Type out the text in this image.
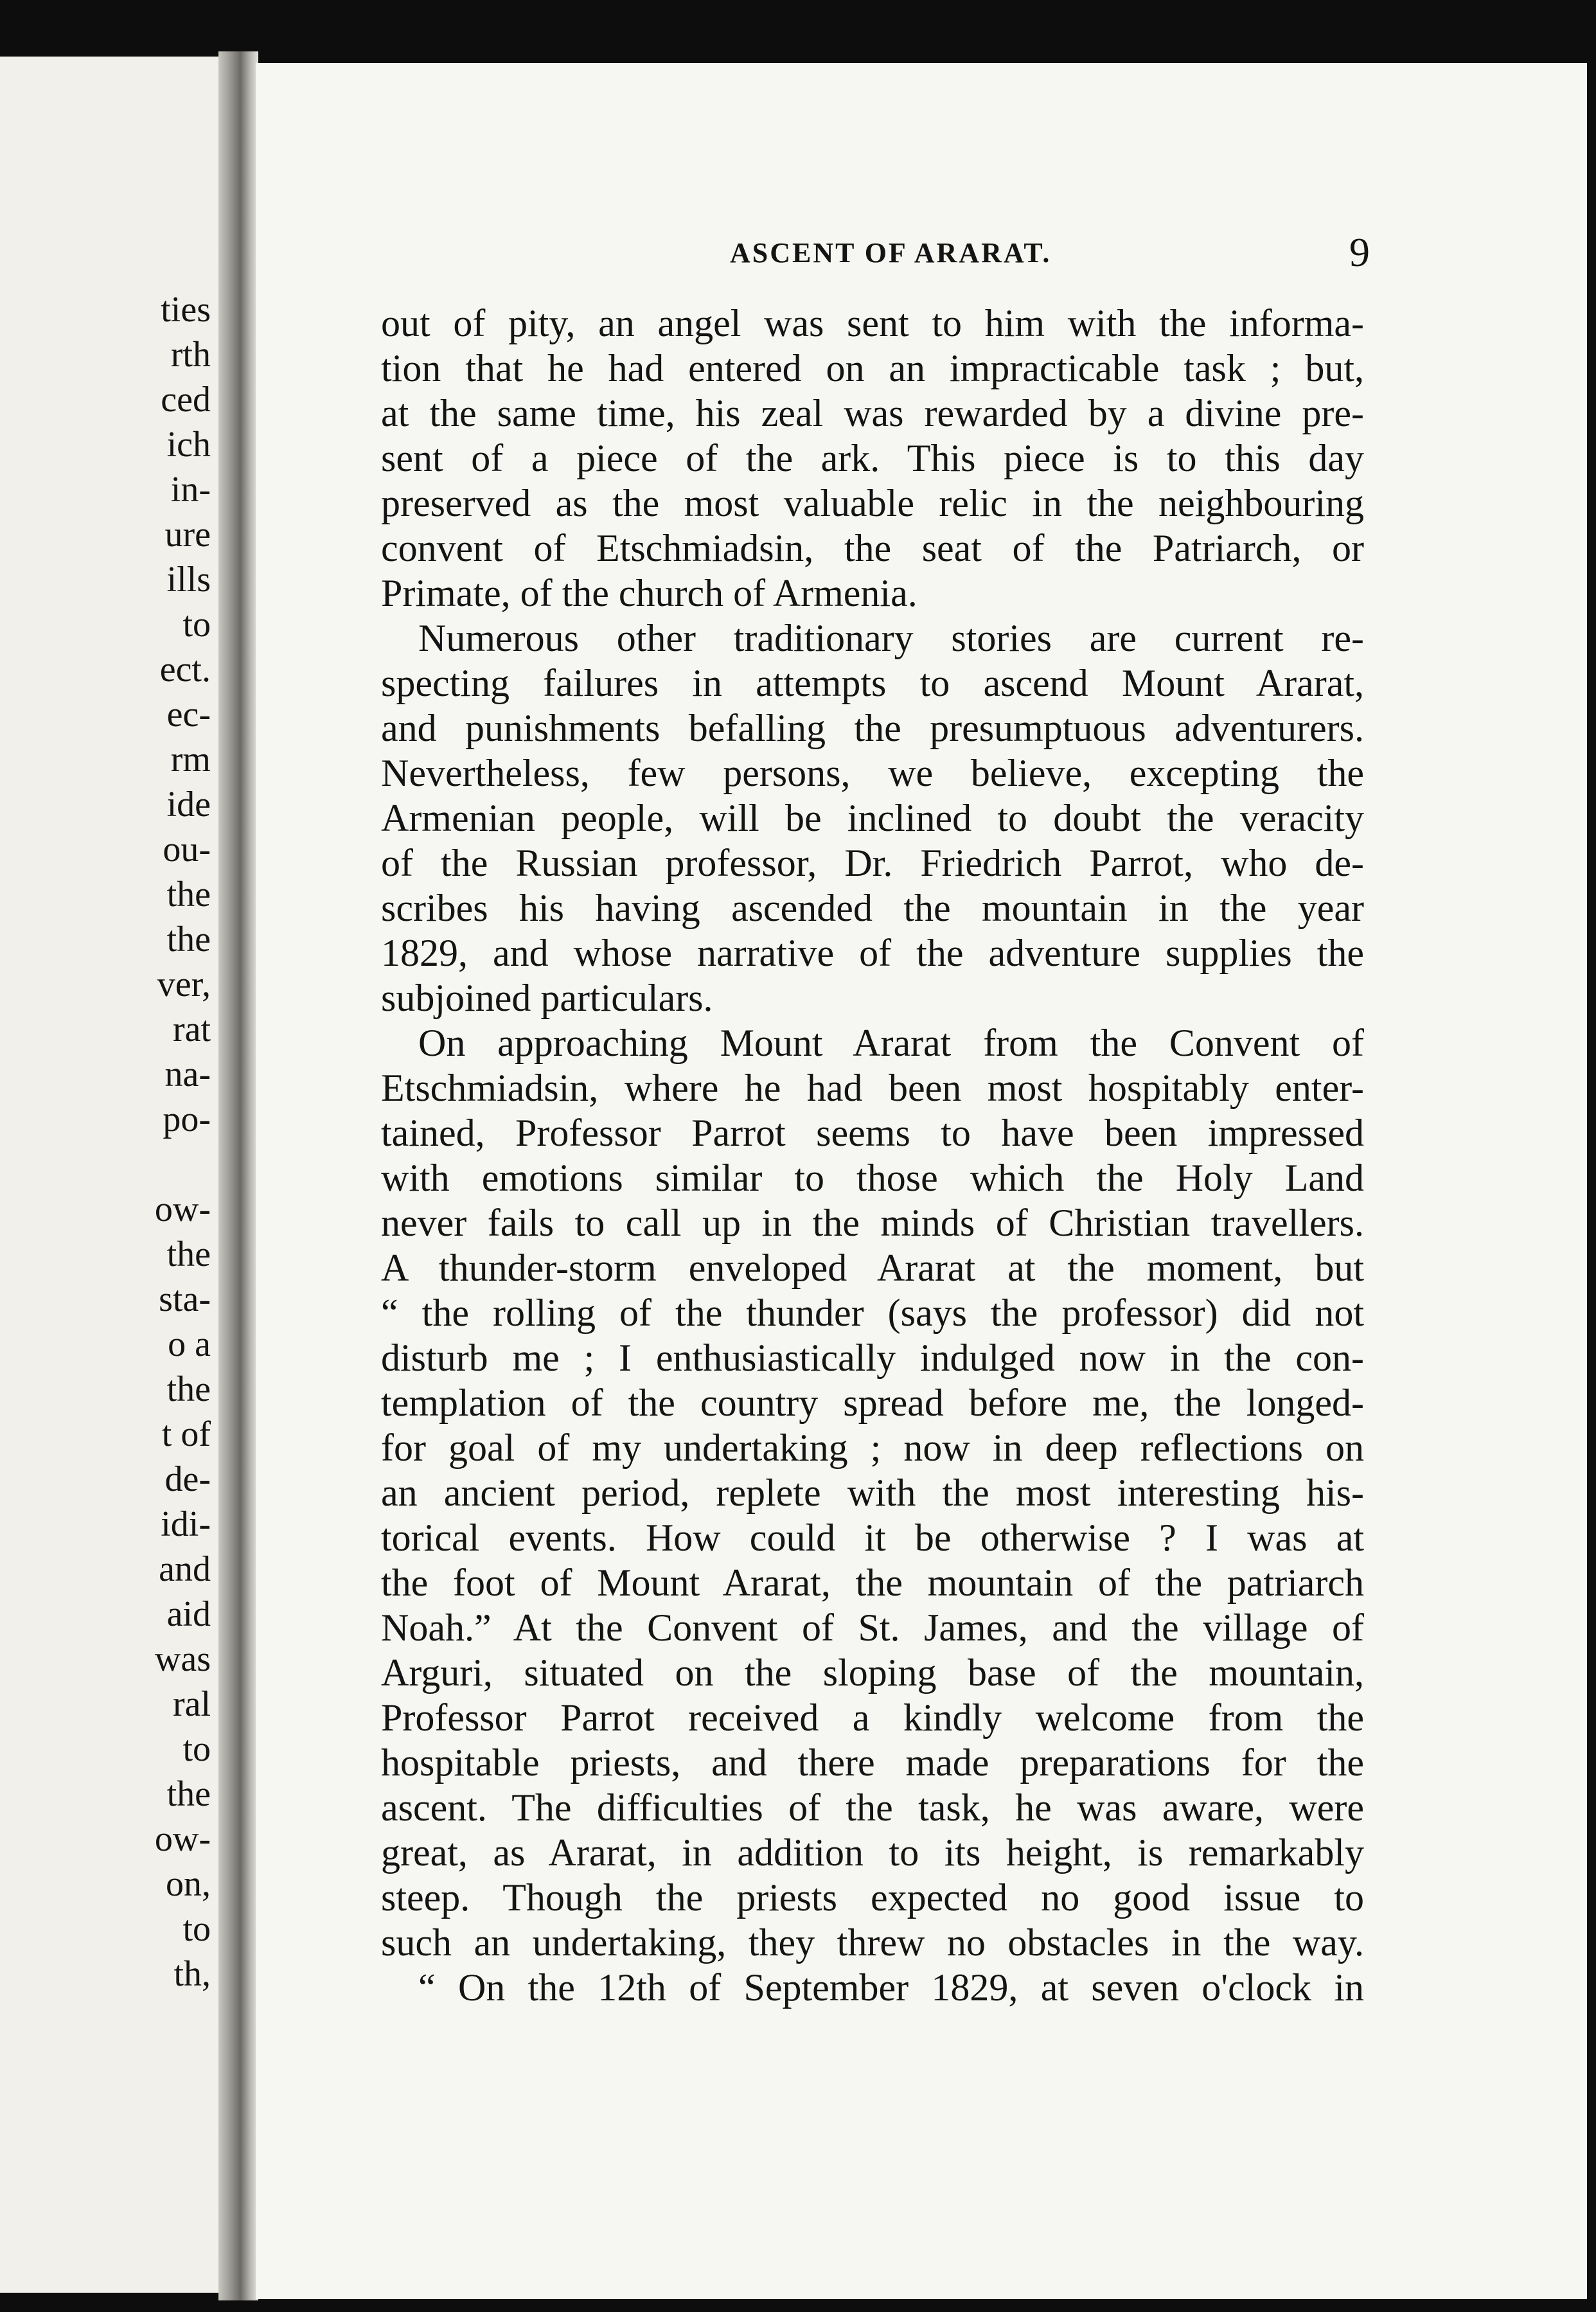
ties
rth
ced
ich
in-
ure
ills
to
ect.
ec-
rm
ide
ou-
the
the
ver,
rat
na-
po-
ow-
the
sta-
o a
the
t of
de-
idi-
and
aid
was
ral
to
the
ow-
on,
to
th,
ASCENT OF ARARAT.	9
out of pity, an angel was sent to him with the informa-
tion that he had entered on an impracticable task ; but,
at the same time, his zeal was rewarded by a divine pre-
sent of a piece of the ark. This piece is to this day
preserved as the most valuable relic in the neighbouring
convent of Etschmiadsin, the seat of the Patriarch, or
Primate, of the church of Armenia.
Numerous other traditionary stories are current re-
specting failures in attempts to ascend Mount Ararat,
and punishments befalling the presumptuous adventurers.
Nevertheless, few persons, we believe, excepting the
Armenian people, will be inclined to doubt the veracity
of the Russian professor, Dr. Friedrich Parrot, who de-
scribes his having ascended the mountain in the year
1829, and whose narrative of the adventure supplies the
subjoined particulars.
On approaching Mount Ararat from the Convent of
Etschmiadsin, where he had been most hospitably enter-
tained, Professor Parrot seems to have been impressed
with emotions similar to those which the Holy Land
never fails to call up in the minds of Christian travellers.
A thunder-storm enveloped Ararat at the moment, but
“ the rolling of the thunder (says the professor) did not
disturb me ; I enthusiastically indulged now in the con-
templation of the country spread before me, the longed-
for goal of my undertaking ; now in deep reflections on
an ancient period, replete with the most interesting his-
torical events. How could it be otherwise ? I was at
the foot of Mount Ararat, the mountain of the patriarch
Noah.” At the Convent of St. James, and the village of
Arguri, situated on the sloping base of the mountain,
Professor Parrot received a kindly welcome from the
hospitable priests, and there made preparations for the
ascent. The difficulties of the task, he was aware, were
great, as Ararat, in addition to its height, is remarkably
steep. Though the priests expected no good issue to
such an undertaking, they threw no obstacles in the way.
“ On the 12th of September 1829, at seven o'clock in
